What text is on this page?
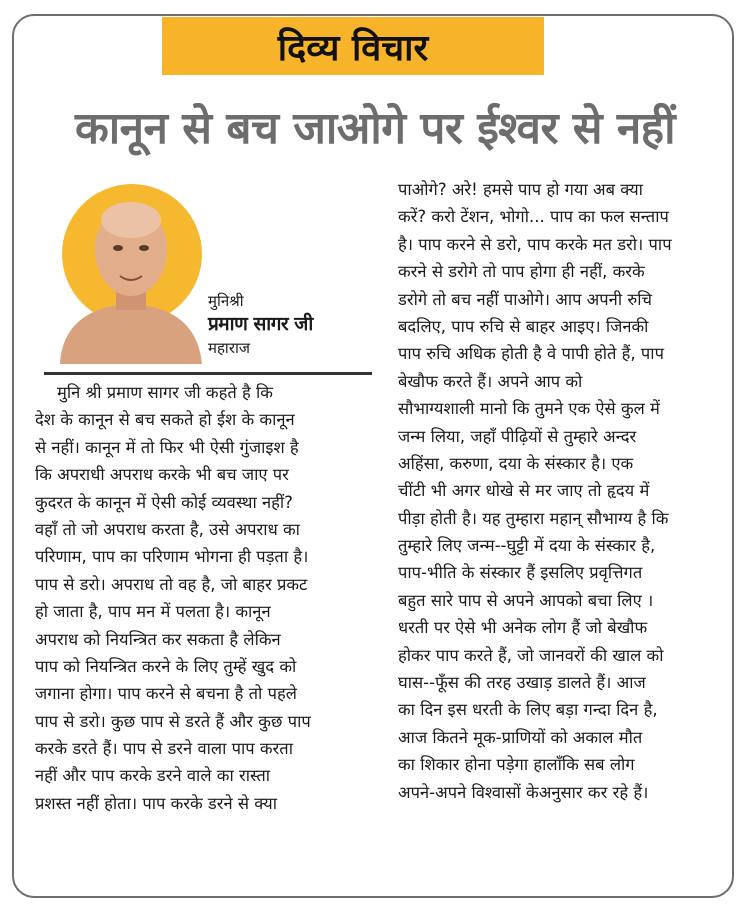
दिव्य विचार
कानून से बच जाओगे पर ईश्वर से नहीं
मुनिश्री
प्रमाण सागर जी
महाराज
मुनि श्री प्रमाण सागर जी कहते है कि
देश के कानून से बच सकते हो ईश के कानून
से नहीं। कानून में तो फिर भी ऐसी गुंजाइश है
कि अपराधी अपराध करके भी बच जाए पर
कुदरत के कानून में ऐसी कोई व्यवस्था नहीं?
वहाँ तो जो अपराध करता है, उसे अपराध का
परिणाम, पाप का परिणाम भोगना ही पड़ता है।
पाप से डरो। अपराध तो वह है, जो बाहर प्रकट
हो जाता है, पाप मन में पलता है। कानून
अपराध को नियन्त्रित कर सकता है लेकिन
पाप को नियन्त्रित करने के लिए तुम्हें खुद को
जगाना होगा। पाप करने से बचना है तो पहले
पाप से डरो। कुछ पाप से डरते हैं और कुछ पाप
करके डरते हैं। पाप से डरने वाला पाप करता
नहीं और पाप करके डरने वाले का रास्ता
प्रशस्त नहीं होता। पाप करके डरने से क्या
पाओगे? अरे! हमसे पाप हो गया अब क्या
करें? करो टेंशन, भोगो... पाप का फल सन्ताप
है। पाप करने से डरो, पाप करके मत डरो। पाप
करने से डरोगे तो पाप होगा ही नहीं, करके
डरोगे तो बच नहीं पाओगे। आप अपनी रुचि
बदलिए, पाप रुचि से बाहर आइए। जिनकी
पाप रुचि अधिक होती है वे पापी होते हैं, पाप
बेखौफ करते हैं। अपने आप को
सौभाग्यशाली मानो कि तुमने एक ऐसे कुल में
जन्म लिया, जहाँ पीढ़ियों से तुम्हारे अन्दर
अहिंसा, करुणा, दया के संस्कार है। एक
चींटी भी अगर धोखे से मर जाए तो हृदय में
पीड़ा होती है। यह तुम्हारा महान् सौभाग्य है कि
तुम्हारे लिए जन्म--घुट्टी में दया के संस्कार है,
पाप-भीति के संस्कार हैं इसलिए प्रवृत्तिगत
बहुत सारे पाप से अपने आपको बचा लिए ।
धरती पर ऐसे भी अनेक लोग हैं जो बेखौफ
होकर पाप करते हैं, जो जानवरों की खाल को
घास--फूँस की तरह उखाड़ डालते हैं। आज
का दिन इस धरती के लिए बड़ा गन्दा दिन है,
आज कितने मूक-प्राणियों को अकाल मौत
का शिकार होना पड़ेगा हालाँकि सब लोग
अपने-अपने विश्वासों केअनुसार कर रहे हैं।
